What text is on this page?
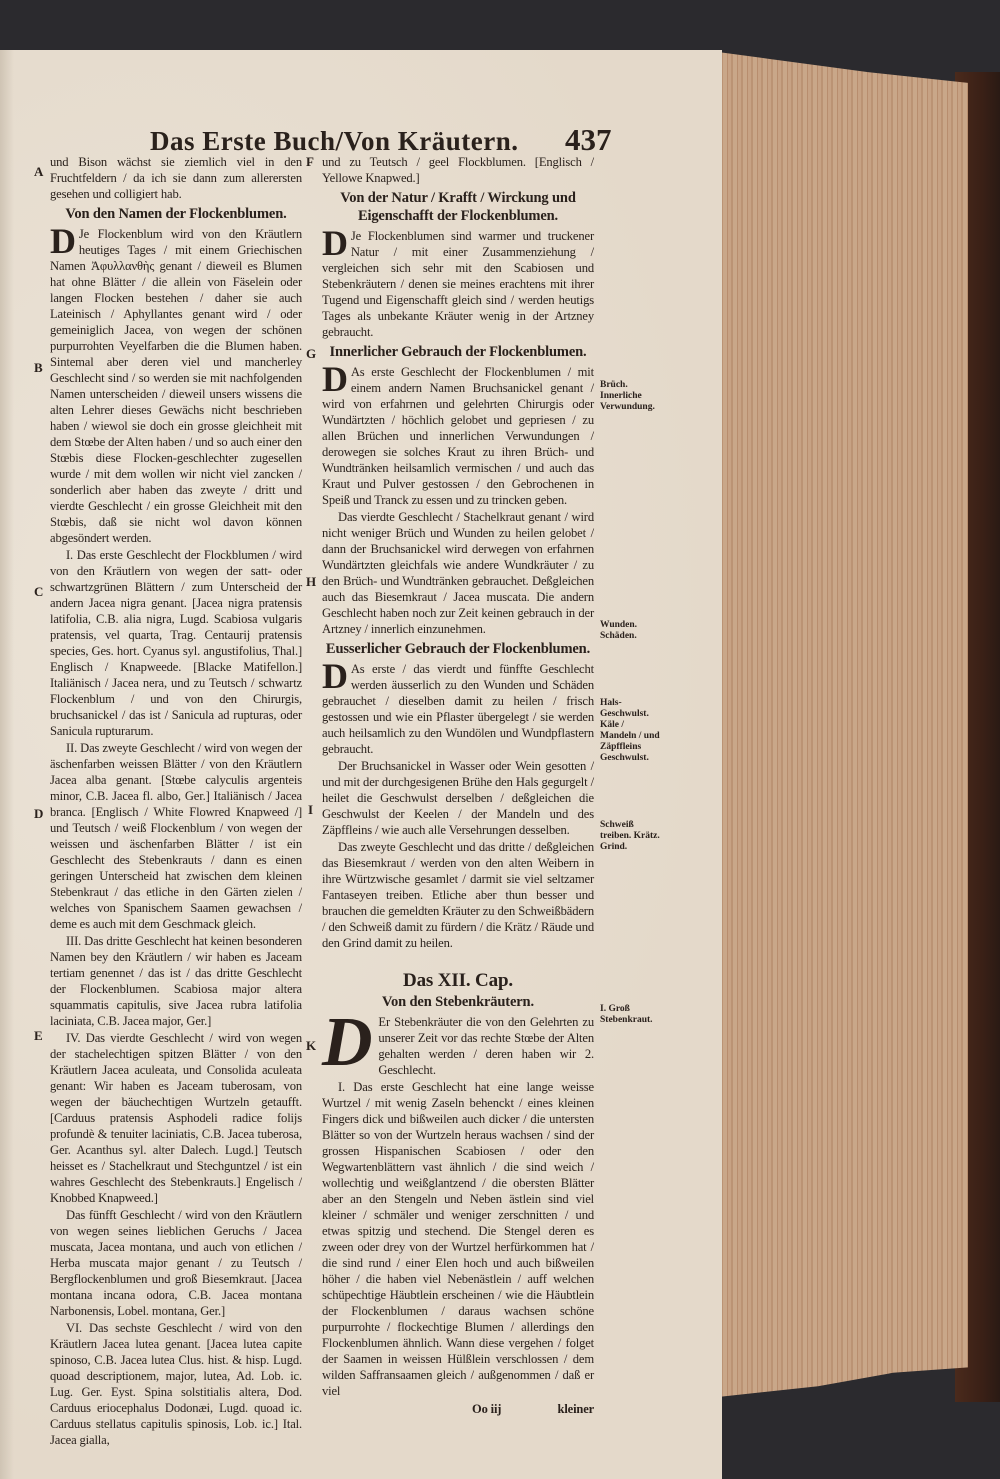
Das Erste Buch/Von Kräutern. 437
A
B
C
D
E
F
G
H
I
K

und Bison wächst sie ziemlich viel in den Fruchtfeldern / da ich sie dann zum allerersten gesehen und colligiert hab.

Von den Namen der Flockenblumen.

D Je Flockenblum wird von den Kräutlern heutiges Tages / mit einem Griechischen Namen Ἀφυλλανθὴς genant / dieweil es Blumen hat ohne Blätter / die allein von Fäselein oder langen Flocken bestehen / daher sie auch Lateinisch / Aphyllantes genant wird / oder gemeiniglich Jacea, von wegen der schönen purpurrohten Veyelfarben die die Blumen haben. Sintemal aber deren viel und mancherley Geschlecht sind / so werden sie mit nachfolgenden Namen unterscheiden / dieweil unsers wissens die alten Lehrer dieses Gewächs nicht beschrieben haben / wiewol sie doch ein grosse gleichheit mit dem Stœbe der Alten haben / und so auch einer den Stœbis diese Flocken-geschlechter zugesellen wurde / mit dem wollen wir nicht viel zancken / sonderlich aber haben das zweyte / dritt und vierdte Geschlecht / ein grosse Gleichheit mit den Stœbis, daß sie nicht wol davon können abgesöndert werden.

I. Das erste Geschlecht der Flockblumen / wird von den Kräutlern von wegen der satt- oder schwartzgrünen Blättern / zum Unterscheid der andern Jacea nigra genant. [Jacea nigra pratensis latifolia, C.B. alia nigra, Lugd. Scabiosa vulgaris pratensis, vel quarta, Trag. Centaurij pratensis species, Ges. hort. Cyanus syl. angustifolius, Thal.] Englisch / Knapweede. [Blacke Matifellon.] Italiänisch / Jacea nera, und zu Teutsch / schwartz Flockenblum / und von den Chirurgis, bruchsanickel / das ist / Sanicula ad rupturas, oder Sanicula rupturarum.

II. Das zweyte Geschlecht / wird von wegen der äschenfarben weissen Blätter / von den Kräutlern Jacea alba genant. [Stœbe calyculis argenteis minor, C.B. Jacea fl. albo, Ger.] Italiänisch / Jacea branca. [Englisch / White Flowred Knapweed /] und Teutsch / weiß Flockenblum / von wegen der weissen und äschenfarben Blätter / ist ein Geschlecht des Stebenkrauts / dann es einen geringen Unterscheid hat zwischen dem kleinen Stebenkraut / das etliche in den Gärten zielen / welches von Spanischem Saamen gewachsen / deme es auch mit dem Geschmack gleich.

III. Das dritte Geschlecht hat keinen besonderen Namen bey den Kräutlern / wir haben es Jaceam tertiam genennet / das ist / das dritte Geschlecht der Flockenblumen. Scabiosa major altera squammatis capitulis, sive Jacea rubra latifolia laciniata, C.B. Jacea major, Ger.]

IV. Das vierdte Geschlecht / wird von wegen der stachelechtigen spitzen Blätter / von den Kräutlern Jacea aculeata, und Consolida aculeata genant: Wir haben es Jaceam tuberosam, von wegen der bäuchechtigen Wurtzeln getaufft. [Carduus pratensis Asphodeli radice folijs profundè & tenuiter laciniatis, C.B. Jacea tuberosa, Ger. Acanthus syl. alter Dalech. Lugd.] Teutsch heisset es / Stachelkraut und Stechguntzel / ist ein wahres Geschlecht des Stebenkrauts.] Engelisch / Knobbed Knapweed.]

Das fünfft Geschlecht / wird von den Kräutlern von wegen seines lieblichen Geruchs / Jacea muscata, Jacea montana, und auch von etlichen / Herba muscata major genant / zu Teutsch / Bergflockenblumen und groß Biesemkraut. [Jacea montana incana odora, C.B. Jacea montana Narbonensis, Lobel. montana, Ger.]

VI. Das sechste Geschlecht / wird von den Kräutlern Jacea lutea genant. [Jacea lutea capite spinoso, C.B. Jacea lutea Clus. hist. & hisp. Lugd. quoad descriptionem, major, lutea, Ad. Lob. ic. Lug. Ger. Eyst. Spina solstitialis altera, Dod. Carduus eriocephalus Dodonæi, Lugd. quoad ic. Carduus stellatus capitulis spinosis, Lob. ic.] Ital. Jacea gialla,

und zu Teutsch / geel Flockblumen. [Englisch / Yellowe Knapwed.]

Von der Natur / Krafft / Wirckung und Eigenschafft der Flockenblumen.

D Je Flockenblumen sind warmer und truckener Natur / mit einer Zusammenziehung / vergleichen sich sehr mit den Scabiosen und Stebenkräutern / denen sie meines erachtens mit ihrer Tugend und Eigenschafft gleich sind / werden heutigs Tages als unbekante Kräuter wenig in der Artzney gebraucht.

Innerlicher Gebrauch der Flockenblumen.

D As erste Geschlecht der Flockenblumen / mit einem andern Namen Bruchsanickel genant / wird von erfahrnen und gelehrten Chirurgis oder Wundärtzten / höchlich gelobet und gepriesen / zu allen Brüchen und innerlichen Verwundungen / derowegen sie solches Kraut zu ihren Brüch- und Wundtränken heilsamlich vermischen / und auch das Kraut und Pulver gestossen / den Gebrochenen in Speiß und Tranck zu essen und zu trincken geben.

Das vierdte Geschlecht / Stachelkraut genant / wird nicht weniger Brüch und Wunden zu heilen gelobet / dann der Bruchsanickel wird derwegen von erfahrnen Wundärtzten gleichfals wie andere Wundkräuter / zu den Brüch- und Wundtränken gebrauchet. Deßgleichen auch das Biesemkraut / Jacea muscata. Die andern Geschlecht haben noch zur Zeit keinen gebrauch in der Artzney / innerlich einzunehmen.

Eusserlicher Gebrauch der Flockenblumen.

D As erste / das vierdt und fünffte Geschlecht werden äusserlich zu den Wunden und Schäden gebrauchet / dieselben damit zu heilen / frisch gestossen und wie ein Pflaster übergelegt / sie werden auch heilsamlich zu den Wundölen und Wundpflastern gebraucht.

Der Bruchsanickel in Wasser oder Wein gesotten / und mit der durchgesigenen Brühe den Hals gegurgelt / heilet die Geschwulst derselben / deßgleichen die Geschwulst der Keelen / der Mandeln und des Zäpffleins / wie auch alle Versehrungen desselben.

Das zweyte Geschlecht und das dritte / deßgleichen das Biesemkraut / werden von den alten Weibern in ihre Würtzwische gesamlet / darmit sie viel seltzamer Fantaseyen treiben. Etliche aber thun besser und brauchen die gemeldten Kräuter zu den Schweißbädern / den Schweiß damit zu fürdern / die Krätz / Räude und den Grind damit zu heilen.

Das XII. Cap.

Von den Stebenkräutern.

D Er Stebenkräuter die von den Gelehrten zu unserer Zeit vor das rechte Stœbe der Alten gehalten werden / deren haben wir 2. Geschlecht.

I. Das erste Geschlecht hat eine lange weisse Wurtzel / mit wenig Zaseln behenckt / eines kleinen Fingers dick und bißweilen auch dicker / die untersten Blätter so von der Wurtzeln heraus wachsen / sind der grossen Hispanischen Scabiosen / oder den Wegwartenblättern vast ähnlich / die sind weich / wollechtig und weißglantzend / die obersten Blätter aber an den Stengeln und Neben ästlein sind viel kleiner / schmäler und weniger zerschnitten / und etwas spitzig und stechend. Die Stengel deren es zween oder drey von der Wurtzel herfürkommen hat / die sind rund / einer Elen hoch und auch bißweilen höher / die haben viel Nebenästlein / auff welchen schüpechtige Häubtlein erscheinen / wie die Häubtlein der Flockenblumen / daraus wachsen schöne purpurrohte / flockechtige Blumen / allerdings den Flockenblumen ähnlich. Wann diese vergehen / folget der Saamen in weissen Hülßlein verschlossen / dem wilden Saffransaamen gleich / außgenommen / daß er viel

Oo iij	kleiner
Brüch. Innerliche Verwundung.
Wunden. Schäden.
Hals-Geschwulst. Käle / Mandeln / und Zäpffleins Geschwulst.
Schweiß treiben. Krätz. Grind.
I. Groß Stebenkraut.
